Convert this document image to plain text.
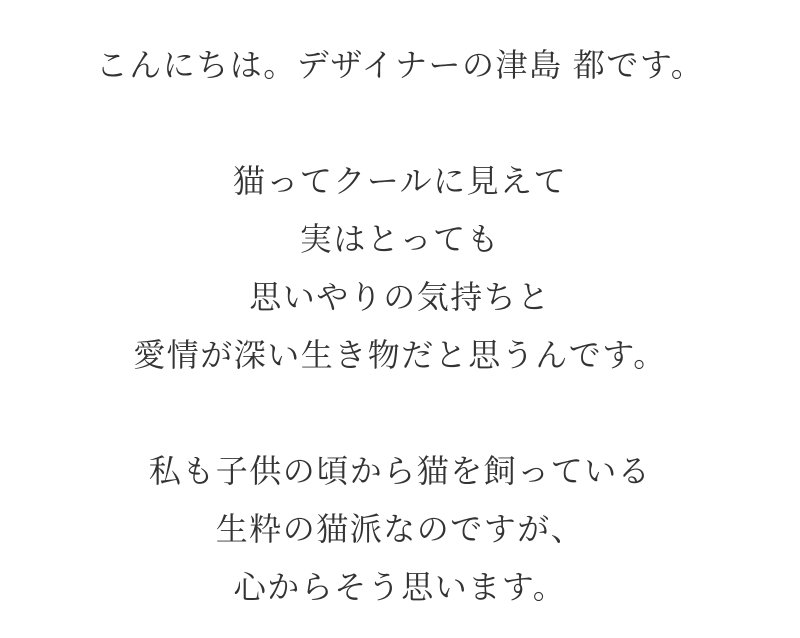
こんにちは。デザイナーの津島 都です。
猫ってクールに見えて
実はとっても
思いやりの気持ちと
愛情が深い生き物だと思うんです。
私も子供の頃から猫を飼っている
生粋の猫派なのですが、
心からそう思います。
